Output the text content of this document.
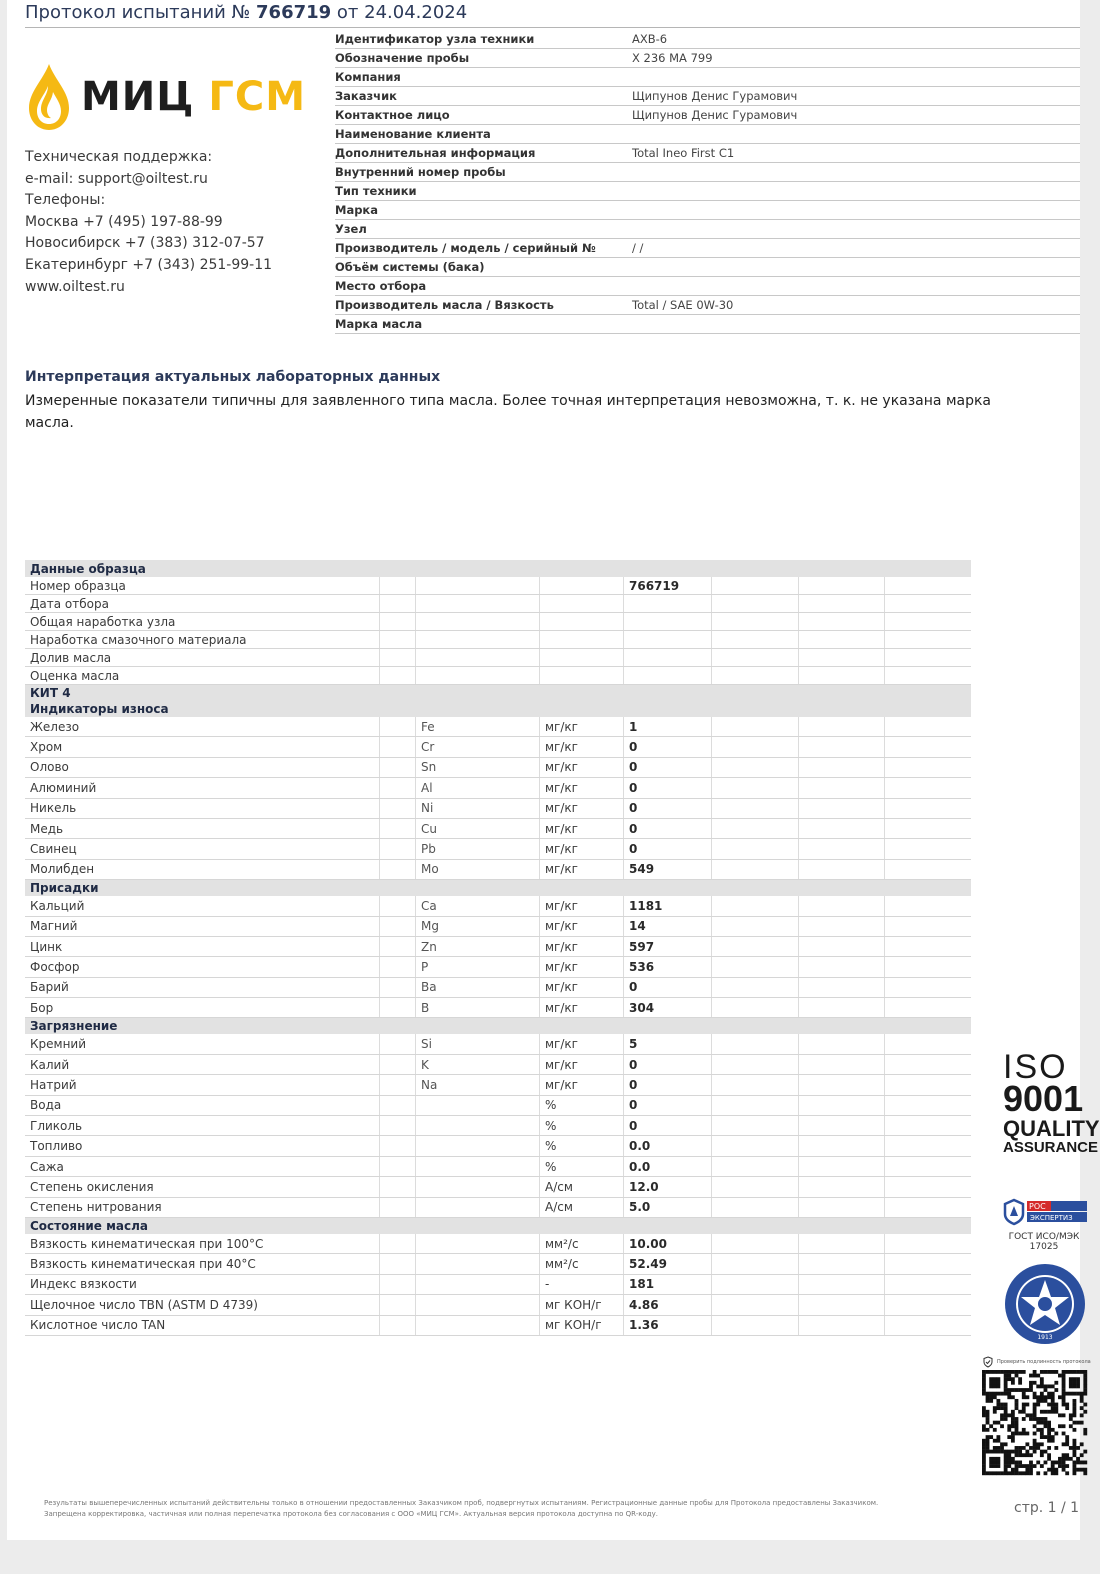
Протокол испытаний № 766719 от 24.04.2024
МИЦ ГСМ
Техническая поддержка:
e-mail: support@oiltest.ru
Телефоны:
Москва +7 (495) 197-88-99
Новосибирск +7 (383) 312-07-57
Екатеринбург +7 (343) 251-99-11
www.oiltest.ru
Идентификатор узла техники	АХВ-6
Обозначение пробы	Х 236 МА 799
Компания
Заказчик	Щипунов Денис Гурамович
Контактное лицо	Щипунов Денис Гурамович
Наименование клиента
Дополнительная информация	Total Ineo First C1
Внутренний номер пробы
Тип техники
Марка
Узел
Производитель / модель / серийный №	/ /
Объём системы (бака)
Место отбора
Производитель масла / Вязкость	Total / SAE 0W-30
Марка масла
Интерпретация актуальных лабораторных данных
Измеренные показатели типичны для заявленного типа масла. Более точная интерпретация невозможна, т. к. не указана марка масла.
Данные образца
Номер образца	766719
Дата отбора
Общая наработка узла
Наработка смазочного материала
Долив масла
Оценка масла
КИТ 4
Индикаторы износа
Железо	Fe	мг/кг	1
Хром	Cr	мг/кг	0
Олово	Sn	мг/кг	0
Алюминий	Al	мг/кг	0
Никель	Ni	мг/кг	0
Медь	Cu	мг/кг	0
Свинец	Pb	мг/кг	0
Молибден	Mo	мг/кг	549
Присадки
Кальций	Ca	мг/кг	1181
Магний	Mg	мг/кг	14
Цинк	Zn	мг/кг	597
Фосфор	P	мг/кг	536
Барий	Ba	мг/кг	0
Бор	B	мг/кг	304
Загрязнение
Кремний	Si	мг/кг	5
Калий	K	мг/кг	0
Натрий	Na	мг/кг	0
Вода	%	0
Гликоль	%	0
Топливо	%	0.0
Сажа	%	0.0
Степень окисления	А/см	12.0
Степень нитрования	А/см	5.0
Состояние масла
Вязкость кинематическая при 100°C	мм²/с	10.00
Вязкость кинематическая при 40°C	мм²/с	52.49
Индекс вязкости	-	181
Щелочное число TBN (ASTM D 4739)	мг КОН/г	4.86
Кислотное число TAN	мг КОН/г	1.36
ISO
9001
QUALITY
ASSURANCE
РОС
ЭКСПЕРТИЗ
ГОСТ ИСО/МЭК
17025
1913
Проверить подлинность протокола
Результаты вышеперечисленных испытаний действительны только в отношении предоставленных Заказчиком проб, подвергнутых испытаниям. Регистрационные данные пробы для Протокола предоставлены Заказчиком.
Запрещена корректировка, частичная или полная перепечатка протокола без согласования с ООО «МИЦ ГСМ». Актуальная версия протокола доступна по QR-коду.	стр. 1 / 1
